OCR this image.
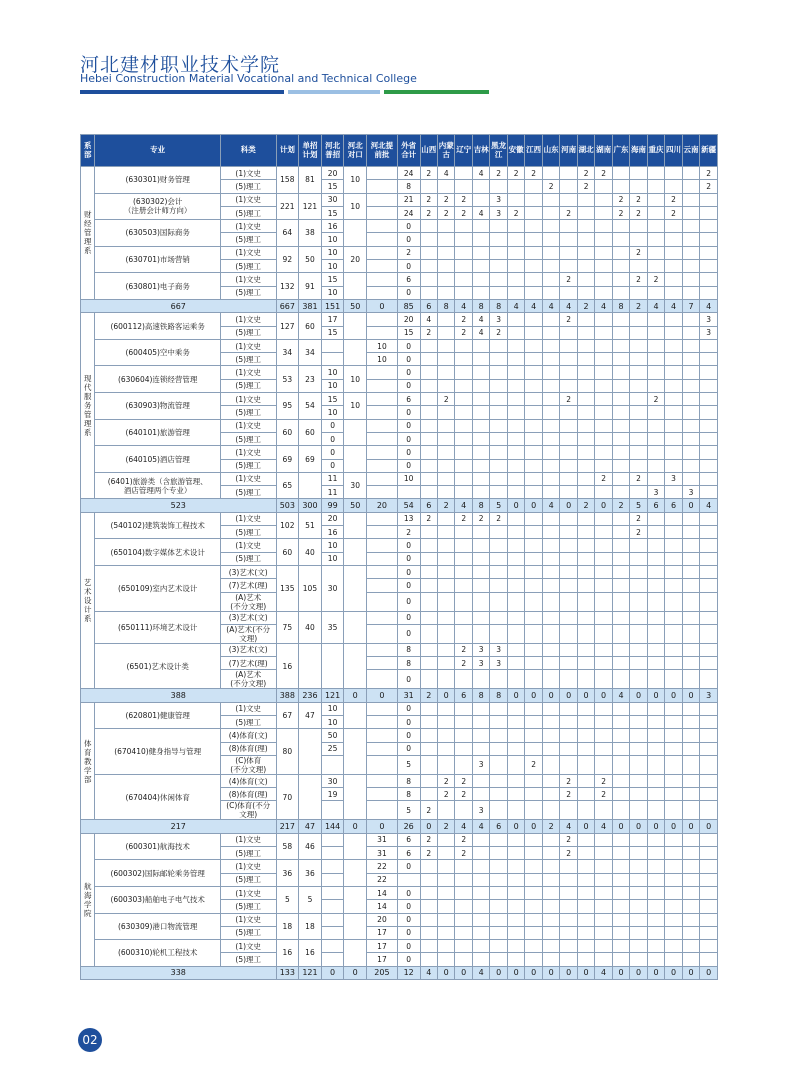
河北建材职业技术学院
Hebei Construction Material Vocational and Technical College
系部	专业	科类	计划	单招计划	河北普招	河北对口	河北提前批	外省合计	山西	内蒙古	辽宁	吉林	黑龙江	安徽	江西	山东	河南	湖北	湖南	广东	海南	重庆	四川	云南	新疆
财经管理系	(630301)财务管理	(1)文史	158	81	20	10		24	2	4		4	2	2	2			2	2						2
		(5)理工			15			8								2		2							2
	(630302)会计
（注册会计师方向）	(1)文史	221	121	30	10		21	2	2	2		3							2	2		2		
		(5)理工			15			24	2	2	2	4	3	2			2			2	2		2		
	(630503)国际商务	(1)文史	64	38	16			0																	
		(5)理工			10			0																	
	(630701)市场营销	(1)文史	92	50	10	20		2													2				
		(5)理工			10			0																	
	(630801)电子商务	(1)文史	132	91	15			6									2				2	2			
		(5)理工			10			0																	
667			667	381	151	50	0	85	6	8	4	8	8	4	4	4	4	2	4	8	2	4	4	7	4
现代服务管理系	(600112)高速铁路客运乘务	(1)文史	127	60	17			20	4		2	4	3				2								3
		(5)理工			15			15	2		2	4	2												3
	(600405)空中乘务	(1)文史	34	34			10	0																	
		(5)理工					10	0																	
	(630604)连锁经营管理	(1)文史	53	23	10	10		0																	
		(5)理工			10			0																	
	(630903)物流管理	(1)文史	95	54	15	10		6		2							2					2			
		(5)理工			10			0																	
	(640101)旅游管理	(1)文史	60	60	0			0																	
		(5)理工			0			0																	
	(640105)酒店管理	(1)文史	69	69	0			0																	
		(5)理工			0			0																	
	(6401)旅游类（含旅游管理、
酒店管理两个专业）	(1)文史	65		11	30		10											2		2		3		
		(5)理工			11																	3		3	
523			503	300	99	50	20	54	6	2	4	8	5	0	0	4	0	2	0	2	5	6	6	0	4
艺术设计系	(540102)建筑装饰工程技术	(1)文史	102	51	20			13	2		2	2	2								2				
		(5)理工			16			2													2				
	(650104)数字媒体艺术设计	(1)文史	60	40	10			0																	
		(5)理工			10			0																	
	(650109)室内艺术设计	(3)艺术(文)	135	105	30			0																	
		(7)艺术(理)						0																	
		(A)艺术
(不分文理)						0																	
	(650111)环境艺术设计	(3)艺术(文)	75	40	35			0																	
		(A)艺术(不分
文理)						0																	
	(6501)艺术设计类	(3)艺术(文)	16					8			2	3	3												
		(7)艺术(理)						8			2	3	3												
		(A)艺术
(不分文理)						0																	
388			388	236	121	0	0	31	2	0	6	8	8	0	0	0	0	0	0	4	0	0	0	0	3
体育教学部	(620801)健康管理	(1)文史	67	47	10			0																	
		(5)理工			10			0																	
	(670410)健身指导与管理	(4)体育(文)	80		50			0																	
		(8)体育(理)			25			0																	
		(C)体育
(不分文理)						5				3			2										
	(670404)休闲体育	(4)体育(文)	70		30			8		2	2						2		2						
		(8)体育(理)			19			8		2	2						2		2						
		(C)体育(不分
文理)						5	2			3													
217			217	47	144	0	0	26	0	2	4	4	6	0	0	2	4	0	4	0	0	0	0	0	0
航海学院	(600301)航海技术	(1)文史	58	46			31	6	2		2						2								
		(5)理工					31	6	2		2						2								
	(600302)国际邮轮乘务管理	(1)文史	36	36			22	0																	
		(5)理工					22																		
	(600303)船舶电子电气技术	(1)文史	5	5			14	0																	
		(5)理工					14	0																	
	(630309)港口物流管理	(1)文史	18	18			20	0																	
		(5)理工					17	0																	
	(600310)轮机工程技术	(1)文史	16	16			17	0																	
		(5)理工					17	0																	
338			133	121	0	0	205	12	4	0	0	4	0	0	0	0	0	0	4	0	0	0	0	0	0
02
